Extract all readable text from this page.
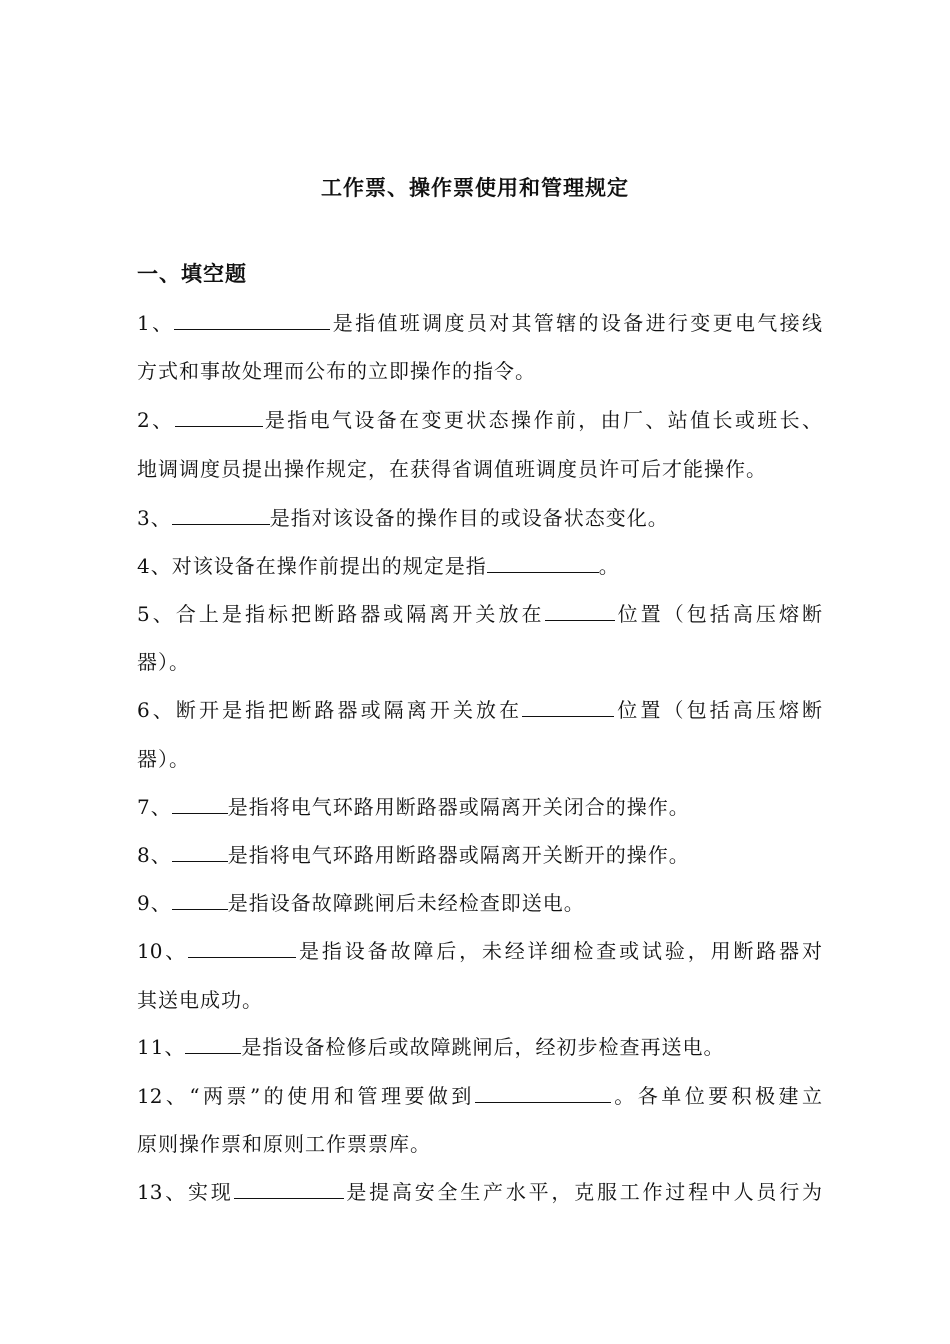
工作票、操作票使用和管理规定
一、填空题
1、	是指值班调度员对其管辖的设备进行变更电气接线
方式和事故处理而公布的立即操作的指令。
2、	是指电气设备在变更状态操作前，由厂、站值长或班长、
地调调度员提出操作规定，在获得省调值班调度员许可后才能操作。
3、	是指对该设备的操作目的或设备状态变化。
4、对该设备在操作前提出的规定是指	。
5、合上是指标把断路器或隔离开关放在	位置（包括高压熔断
器）。
6、断开是指把断路器或隔离开关放在	位置（包括高压熔断
器）。
7、	是指将电气环路用断路器或隔离开关闭合的操作。
8、	是指将电气环路用断路器或隔离开关断开的操作。
9、	是指设备故障跳闸后未经检查即送电。
10、	是指设备故障后，未经详细检查或试验，用断路器对
其送电成功。
11、	是指设备检修后或故障跳闸后，经初步检查再送电。
12、“两票”的使用和管理要做到	。各单位要积极建立
原则操作票和原则工作票票库。
13、实现	是提高安全生产水平，克服工作过程中人员行为
